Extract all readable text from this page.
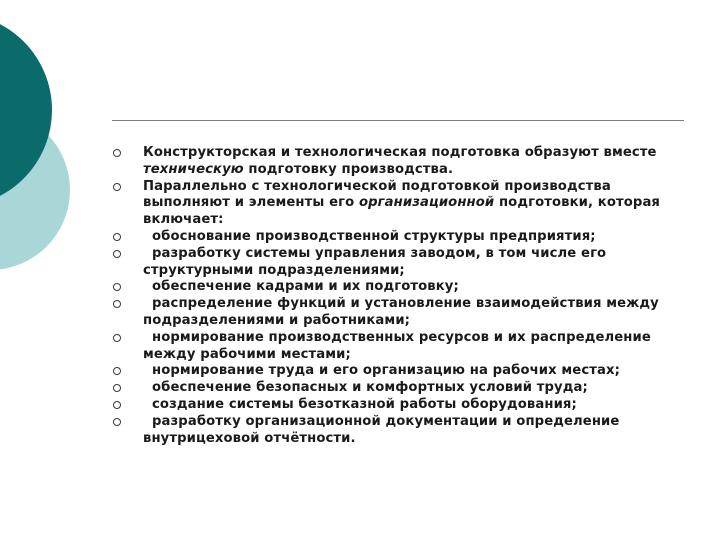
Конструкторская и технологическая подготовка образуют вместе техническую подготовку производства.
Параллельно с технологической подготовкой производства выполняют и элементы его организационной подготовки, которая включает:
обоснование производственной структуры предприятия;
разработку системы управления заводом, в том числе его структурными подразделениями;
обеспечение кадрами и их подготовку;
распределение функций и установление взаимодействия между подразделениями и работниками;
нормирование производственных ресурсов и их распределение между рабочими местами;
нормирование труда и его организацию на рабочих местах;
обеспечение безопасных и комфортных условий труда;
создание системы безотказной работы оборудования;
разработку организационной документации и определение внутрицеховой отчётности.
